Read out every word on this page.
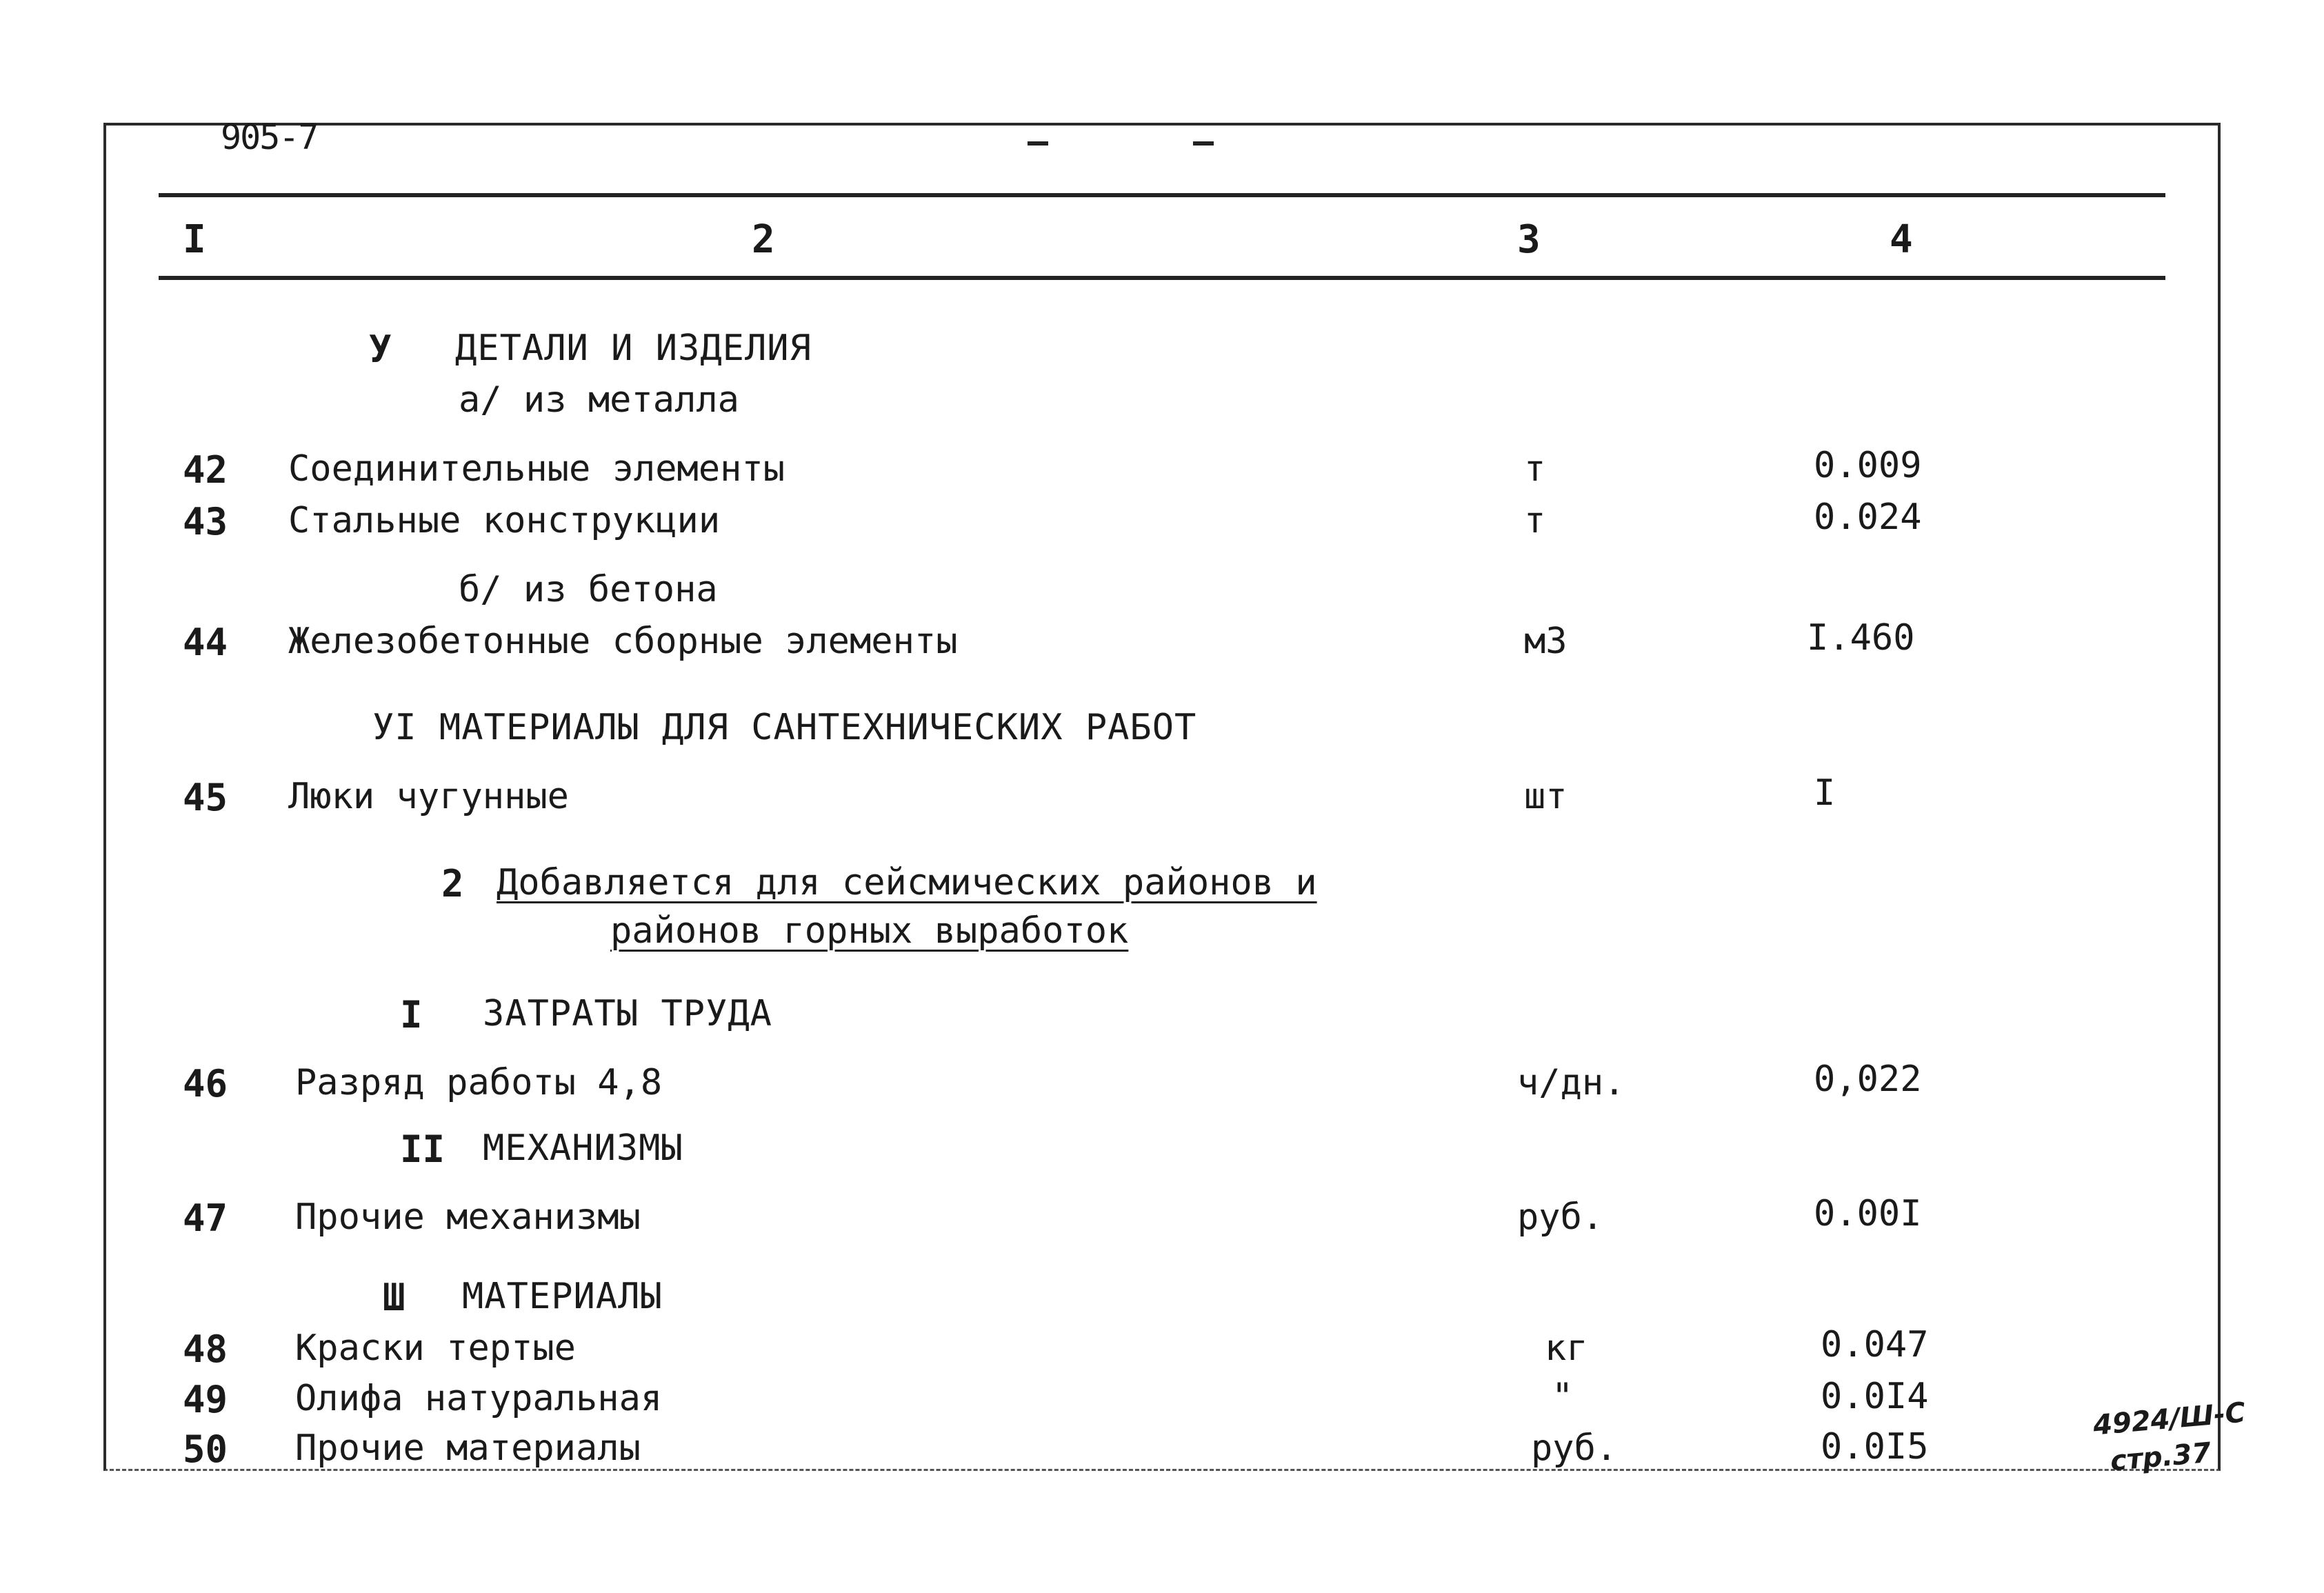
905-7
I	2	3	4
У ДЕТАЛИ И ИЗДЕЛИЯ
а/ из металла
42 Соединительные элементы	т	0.009
43 Стальные конструкции	т	0.024
б/ из бетона
44 Железобетонные сборные элементы	м3	I.460
УI МАТЕРИАЛЫ ДЛЯ САНТЕХНИЧЕСКИХ РАБОТ
45 Люки чугунные	шт	I
2 Добавляется для сейсмических районов и
районов горных выработок
I ЗАТРАТЫ ТРУДА
46 Разряд работы 4,8	ч/дн.	0,022
II МЕХАНИЗМЫ
47 Прочие механизмы	руб.	0.00I
Ш МАТЕРИАЛЫ
48 Краски тертые	кг	0.047
49 Олифа натуральная	"	0.0I4
50 Прочие материалы	руб.	0.0I5
4924/Ш-С
стр.37
